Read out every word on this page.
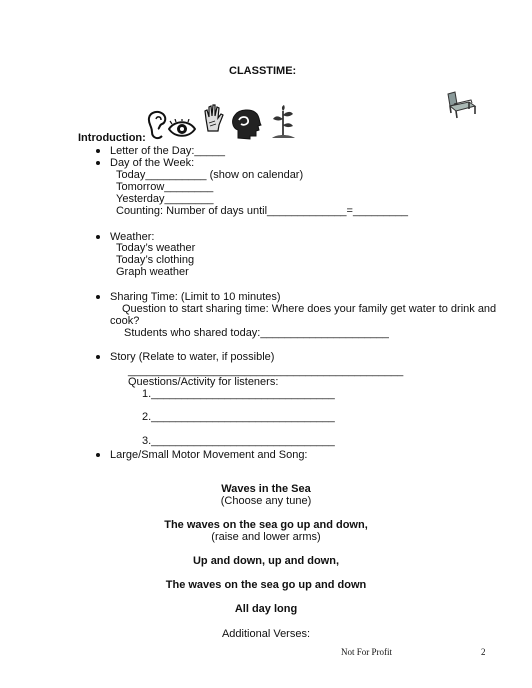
CLASSTIME:
Introduction:
Letter of the Day:_____
Day of the Week:
Today__________ (show on calendar)
Tomorrow________
Yesterday________
Counting: Number of days until_____________=_________
Weather:
Today’s weather
Today’s clothing
Graph weather
Sharing Time: (Limit to 10 minutes)
Question to start sharing time: Where does your family get water to drink and
cook?
Students who shared today:_____________________
Story (Relate to water, if possible)
_____________________________________________
Questions/Activity for listeners:
1.______________________________
2.______________________________
3.______________________________
Large/Small Motor Movement and Song:
Waves in the Sea
(Choose any tune)
The waves on the sea go up and down,
(raise and lower arms)
Up and down, up and down,
The waves on the sea go up and down
All day long
Additional Verses:
Not For Profit	2
